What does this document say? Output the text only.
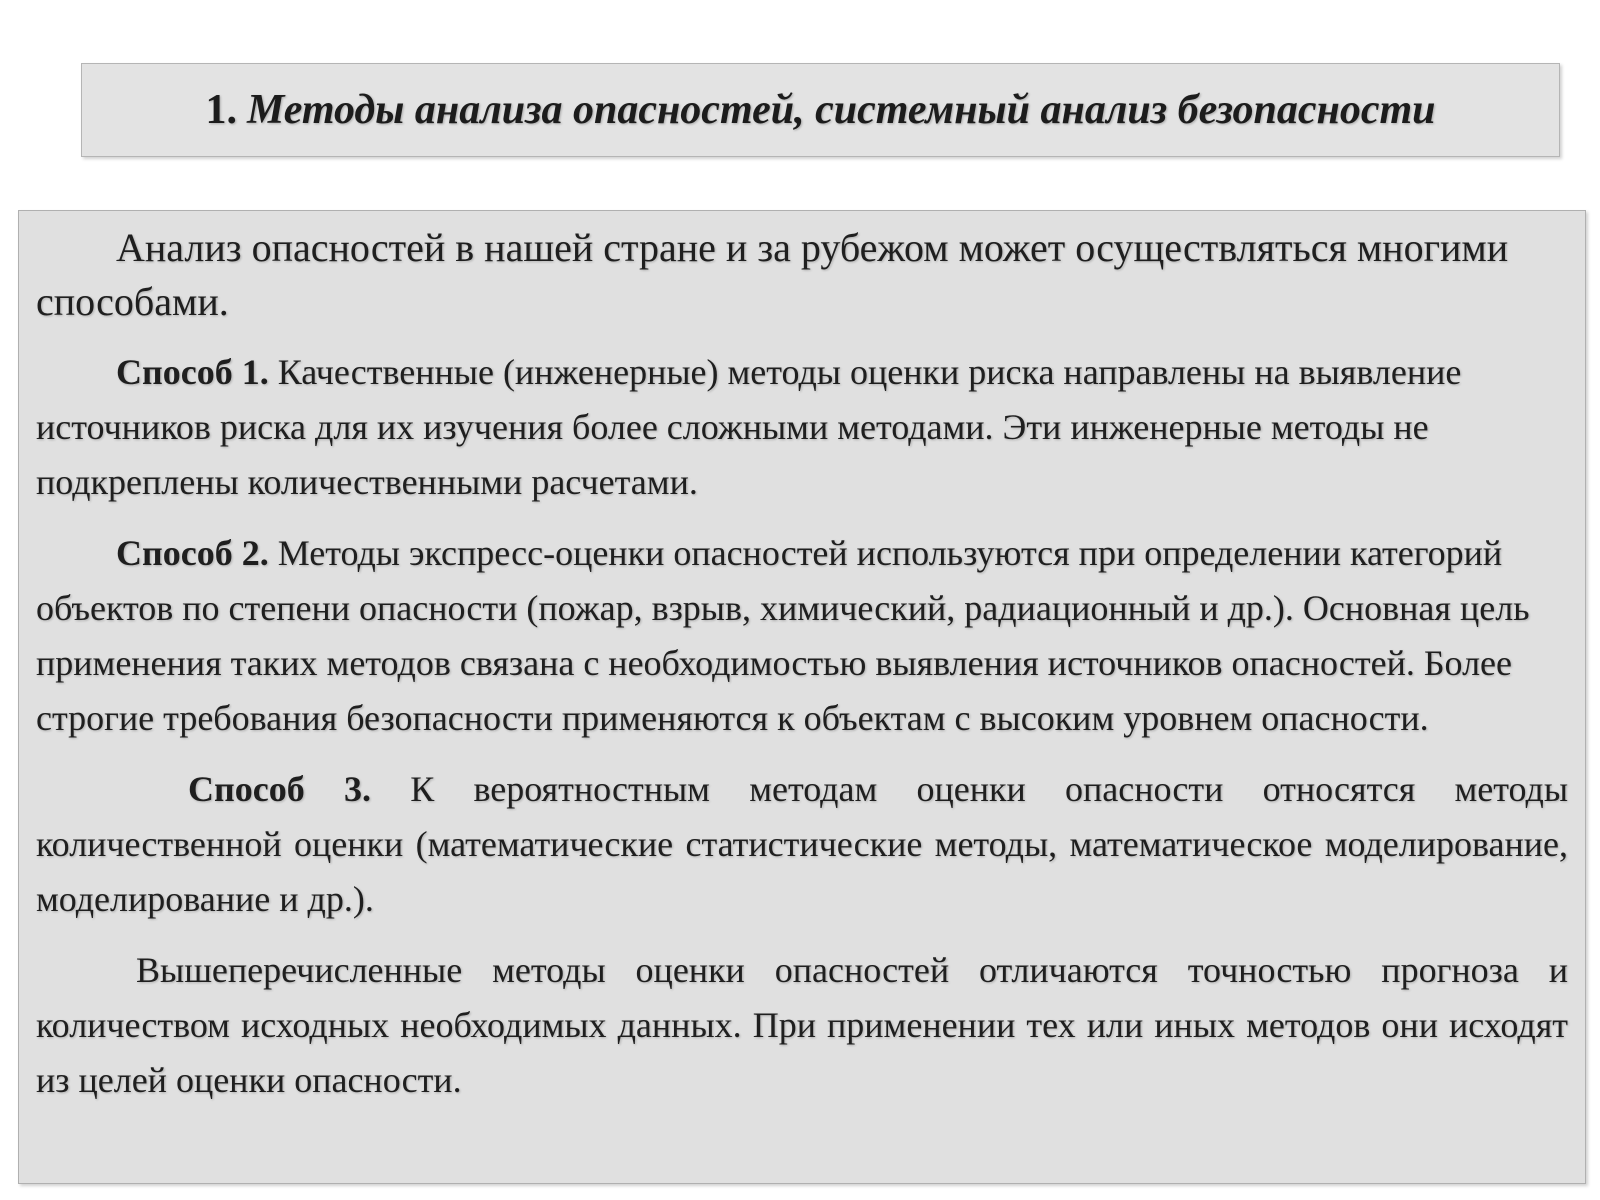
1. Методы анализа опасностей, системный анализ безопасности

Анализ опасностей в нашей стране и за рубежом может осуществляться многими способами.

Способ 1. Качественные (инженерные) методы оценки риска направлены на выявление источников риска для их изучения более сложными методами. Эти инженерные методы не подкреплены количественными расчетами.

Способ 2. Методы экспресс-оценки опасностей используются при определении категорий объектов по степени опасности (пожар, взрыв, химический, радиационный и др.). Основная цель применения таких методов связана с необходимостью выявления источников опасностей. Более строгие требования безопасности применяются к объектам с высоким уровнем опасности.

Способ 3. К вероятностным методам оценки опасности относятся методы количественной оценки (математические статистические методы, математическое моделирование, моделирование и др.).

Вышеперечисленные методы оценки опасностей отличаются точностью прогноза и количеством исходных необходимых данных. При применении тех или иных методов они исходят из целей оценки опасности.
